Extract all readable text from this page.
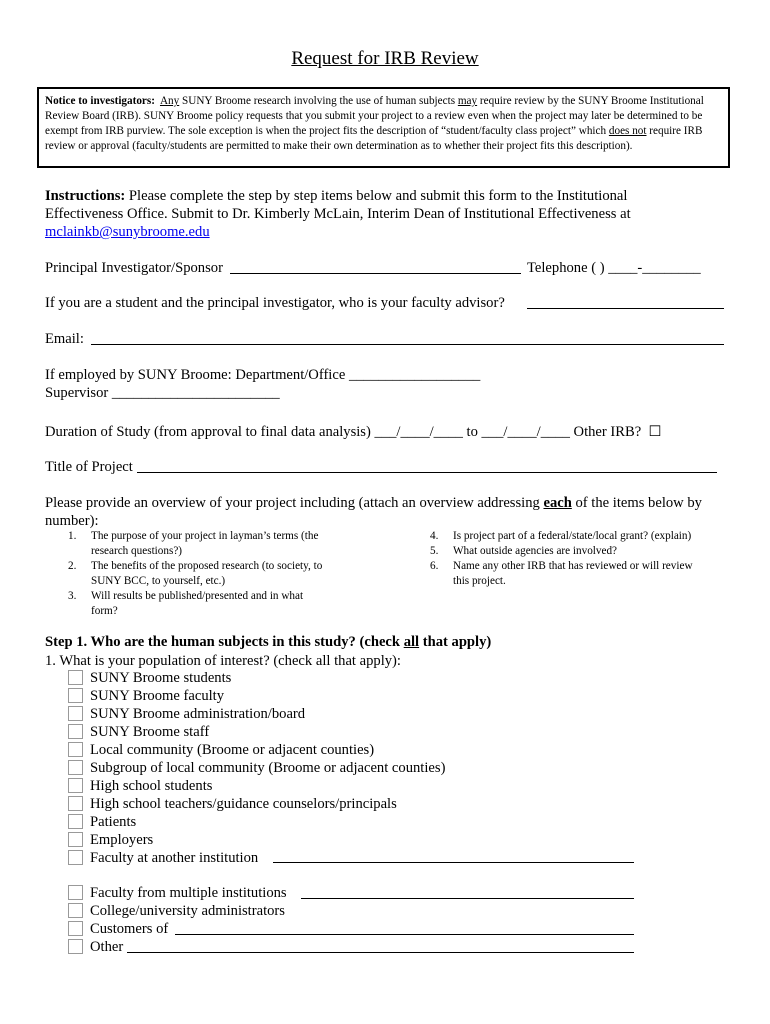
Request for IRB Review
Notice to investigators: Any SUNY Broome research involving the use of human subjects may require review by the SUNY Broome Institutional Review Board (IRB). SUNY Broome policy requests that you submit your project to a review even when the project may later be determined to be exempt from IRB purview. The sole exception is when the project fits the description of “student/faculty class project” which does not require IRB review or approval (faculty/students are permitted to make their own determination as to whether their project fits this description).
Instructions: Please complete the step by step items below and submit this form to the Institutional Effectiveness Office. Submit to Dr. Kimberly McLain, Interim Dean of Institutional Effectiveness at
mclainkb@sunybroome.edu
Principal Investigator/Sponsor	Telephone ( ) ____-________
If you are a student and the principal investigator, who is your faculty advisor?
Email:
If employed by SUNY Broome: Department/Office __________________
Supervisor _______________________
Duration of Study (from approval to final data analysis) ___/____/____ to ___/____/____ Other IRB? ☐
Title of Project
Please provide an overview of your project including (attach an overview addressing each of the items below by number):
1. The purpose of your project in layman’s terms (the
research questions?)
2. The benefits of the proposed research (to society, to
SUNY BCC, to yourself, etc.)
3. Will results be published/presented and in what
form?
4. Is project part of a federal/state/local grant? (explain)
5. What outside agencies are involved?
6. Name any other IRB that has reviewed or will review
this project.
Step 1. Who are the human subjects in this study? (check all that apply)
1. What is your population of interest? (check all that apply):
SUNY Broome students
SUNY Broome faculty
SUNY Broome administration/board
SUNY Broome staff
Local community (Broome or adjacent counties)
Subgroup of local community (Broome or adjacent counties)
High school students
High school teachers/guidance counselors/principals
Patients
Employers
Faculty at another institution
Faculty from multiple institutions
College/university administrators
Customers of
Other
